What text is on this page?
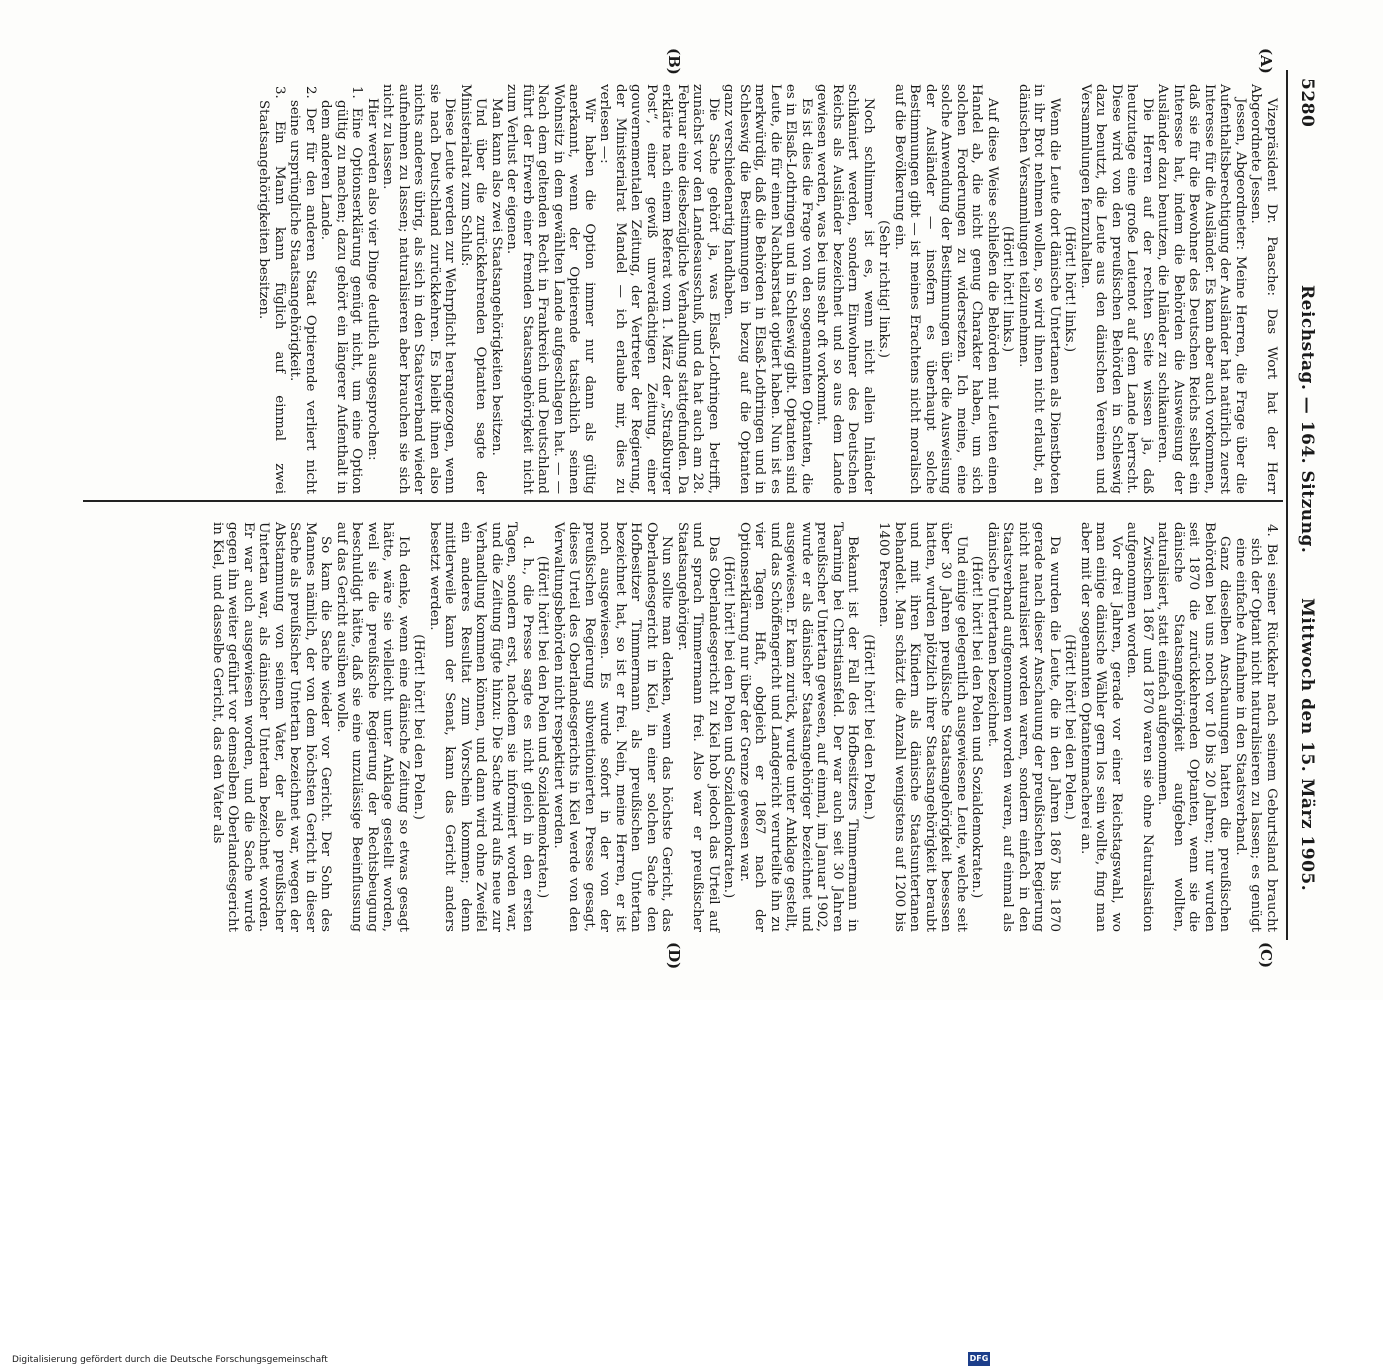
5280
Reichstag. — 164. Sitzung.
Mittwoch den 15. März 1905.
(A)
(B)
(C)
(D)

Vizepräsident Dr. Paasche: Das Wort hat der Herr Abgeordnete Jessen.

Jessen, Abgeordneter: Meine Herren, die Frage über die Aufenthaltsberechtigung der Ausländer hat natürlich zuerst Interesse für die Ausländer. Es kann aber auch vorkommen, daß sie für die Bewohner des Deutschen Reichs selbst ein Interesse hat, indem die Behörden die Ausweisung der Ausländer dazu benutzen, die Inländer zu schikanieren.

Die Herren auf der rechten Seite wissen ja, daß heutzutage eine große Leutenot auf dem Lande herrscht. Diese wird von den preußischen Behörden in Schleswig dazu benutzt, die Leute aus den dänischen Vereinen und Versammlungen fernzuhalten.

(Hört! hört! links.)

Wenn die Leute dort dänische Untertanen als Dienstboten in ihr Brot nehmen wollen, so wird ihnen nicht erlaubt, an dänischen Versammlungen teilzunehmen.

(Hört! hört! links.)

Auf diese Weise schließen die Behörden mit Leuten einen Handel ab, die nicht genug Charakter haben, um sich solchen Forderungen zu widersetzen. Ich meine, eine solche Anwendung der Bestimmungen über die Ausweisung der Ausländer — insofern es überhaupt solche Bestimmungen gibt — ist meines Erachtens nicht moralisch auf die Bevölkerung ein.

(Sehr richtig! links.)

Noch schlimmer ist es, wenn nicht allein Inländer schikaniert werden, sondern Einwohner des Deutschen Reichs als Ausländer bezeichnet und so aus dem Lande gewiesen werden, was bei uns sehr oft vorkommt.

Es ist dies die Frage von den sogenannten Optanten, die es in Elsaß-Lothringen und in Schleswig gibt. Optanten sind Leute, die für einen Nachbarstaat optiert haben. Nun ist es merkwürdig, daß die Behörden in Elsaß-Lothringen und in Schleswig die Bestimmungen in bezug auf die Optanten ganz verschiedenartig handhaben.

Die Sache gehört ja, was Elsaß-Lothringen betrifft, zunächst vor den Landesausschuß, und da hat auch am 28. Februar eine diesbezügliche Verhandlung stattgefunden. Da erklärte nach einem Referat vom 1. März der „Straßburger Post“, einer gewiß unverdächtigen Zeitung, einer gouvernementalen Zeitung, der Vertreter der Regierung, der Ministerialrat Mandel — ich erlaube mir, dies zu verlesen —:

Wir haben die Option immer nur dann als gültig anerkannt, wenn der Optierende tatsächlich seinen Wohnsitz in dem gewählten Lande aufgeschlagen hat. — — Nach dem geltenden Recht in Frankreich und Deutschland führt der Erwerb einer fremden Staatsangehörigkeit nicht zum Verlust der eigenen.

Man kann also zwei Staatsangehörigkeiten besitzen.

Und über die zurückkehrenden Optanten sagte der Ministerialrat zum Schluß:

Diese Leute werden zur Wehrpflicht herangezogen, wenn sie nach Deutschland zurückkehren. Es bleibt ihnen also nichts anderes übrig, als sich in den Staatsverband wieder aufnehmen zu lassen; naturalisieren aber brauchen sie sich nicht zu lassen.

Hier werden also vier Dinge deutlich ausgesprochen:

1. Eine Optionserklärung genügt nicht, um eine Option gültig zu machen; dazu gehört ein längerer Aufenthalt in dem anderen Lande.

2. Der für den anderen Staat Optierende verliert nicht seine ursprüngliche Staatsangehörigkeit.

3. Ein Mann kann füglich auf einmal zwei Staatsangehörigkeiten besitzen.

4. Bei seiner Rückkehr nach seinem Geburtsland braucht sich der Optant nicht naturalisieren zu lassen; es genügt eine einfache Aufnahme in den Staatsverband.

Ganz dieselben Anschauungen hatten die preußischen Behörden bei uns noch vor 10 bis 20 Jahren; nur wurden seit 1870 die zurückkehrenden Optanten, wenn sie die dänische Staatsangehörigkeit aufgeben wollten, naturalisiert, statt einfach aufgenommen.

Zwischen 1867 und 1870 waren sie ohne Naturalisation aufgenommen worden.

Vor drei Jahren, gerade vor einer Reichstagswahl, wo man einige dänische Wähler gern los sein wollte, fing man aber mit der sogenannten Optantenmacherei an.

(Hört! hört! bei den Polen.)

Da wurden die Leute, die in den Jahren 1867 bis 1870 gerade nach dieser Anschauung der preußischen Regierung nicht naturalisiert worden waren, sondern einfach in den Staatsverband aufgenommen worden waren, auf einmal als dänische Untertanen bezeichnet.

(Hört! hört! bei den Polen und Sozialdemokraten.)

Und einige gelegentlich ausgewiesene Leute, welche seit über 30 Jahren preußische Staatsangehörigkeit besessen hatten, wurden plötzlich ihrer Staatsangehörigkeit beraubt und mit ihren Kindern als dänische Staatsuntertanen behandelt. Man schätzt die Anzahl wenigstens auf 1200 bis 1400 Personen.

(Hört! hört! bei den Polen.)

Bekannt ist der Fall des Hofbesitzers Timmermann in Taarning bei Christiansfeld. Der war auch seit 30 Jahren preußischer Untertan gewesen, auf einmal, im Januar 1902, wurde er als dänischer Staatsangehöriger bezeichnet und ausgewiesen. Er kam zurück, wurde unter Anklage gestellt, und das Schöffengericht und Landgericht verurteilte ihn zu vier Tagen Haft, obgleich er 1867 nach der Optionserklärung nur über der Grenze gewesen war.

(Hört! hört! bei den Polen und Sozialdemokraten.)

Das Oberlandesgericht zu Kiel hob jedoch das Urteil auf und sprach Timmermann frei. Also war er preußischer Staatsangehöriger.

Nun sollte man denken, wenn das höchste Gericht, das Oberlandesgericht in Kiel, in einer solchen Sache den Hofbesitzer Timmermann als preußischen Untertan bezeichnet hat, so ist er frei. Nein, meine Herren, er ist noch ausgewiesen. Es wurde sofort in der von der preußischen Regierung subventionierten Presse gesagt, dieses Urteil des Oberlandesgerichts in Kiel werde von den Verwaltungsbehörden nicht respektiert werden.

(Hört! hört! bei den Polen und Sozialdemokraten.)

d. h., die Presse sagte es nicht gleich in den ersten Tagen, sondern erst, nachdem sie informiert worden war, und die Zeitung fügte hinzu: Die Sache wird aufs neue zur Verhandlung kommen können, und dann wird ohne Zweifel ein anderes Resultat zum Vorschein kommen; denn mittlerweile kann der Senat, kann das Gericht anders besetzt werden.

(Hört! hört! bei den Polen.)

Ich denke, wenn eine dänische Zeitung so etwas gesagt hätte, wäre sie vielleicht unter Anklage gestellt worden, weil sie die preußische Regierung der Rechtsbeugung beschuldigt hätte, daß sie eine unzulässige Beeinflussung auf das Gericht ausüben wolle.

So kam die Sache wieder vor Gericht. Der Sohn des Mannes nämlich, der von dem höchsten Gericht in dieser Sache als preußischer Untertan bezeichnet war, wegen der Abstammung von seinem Vater, der also preußischer Untertan war, als dänischer Untertan bezeichnet worden. Er war auch ausgewiesen worden, und die Sache wurde gegen ihn weiter geführt vor demselben Oberlandesgericht in Kiel, und dasselbe Gericht, das den Vater als

Digitalisierung gefördert durch die Deutsche Forschungsgemeinschaft	DFG
